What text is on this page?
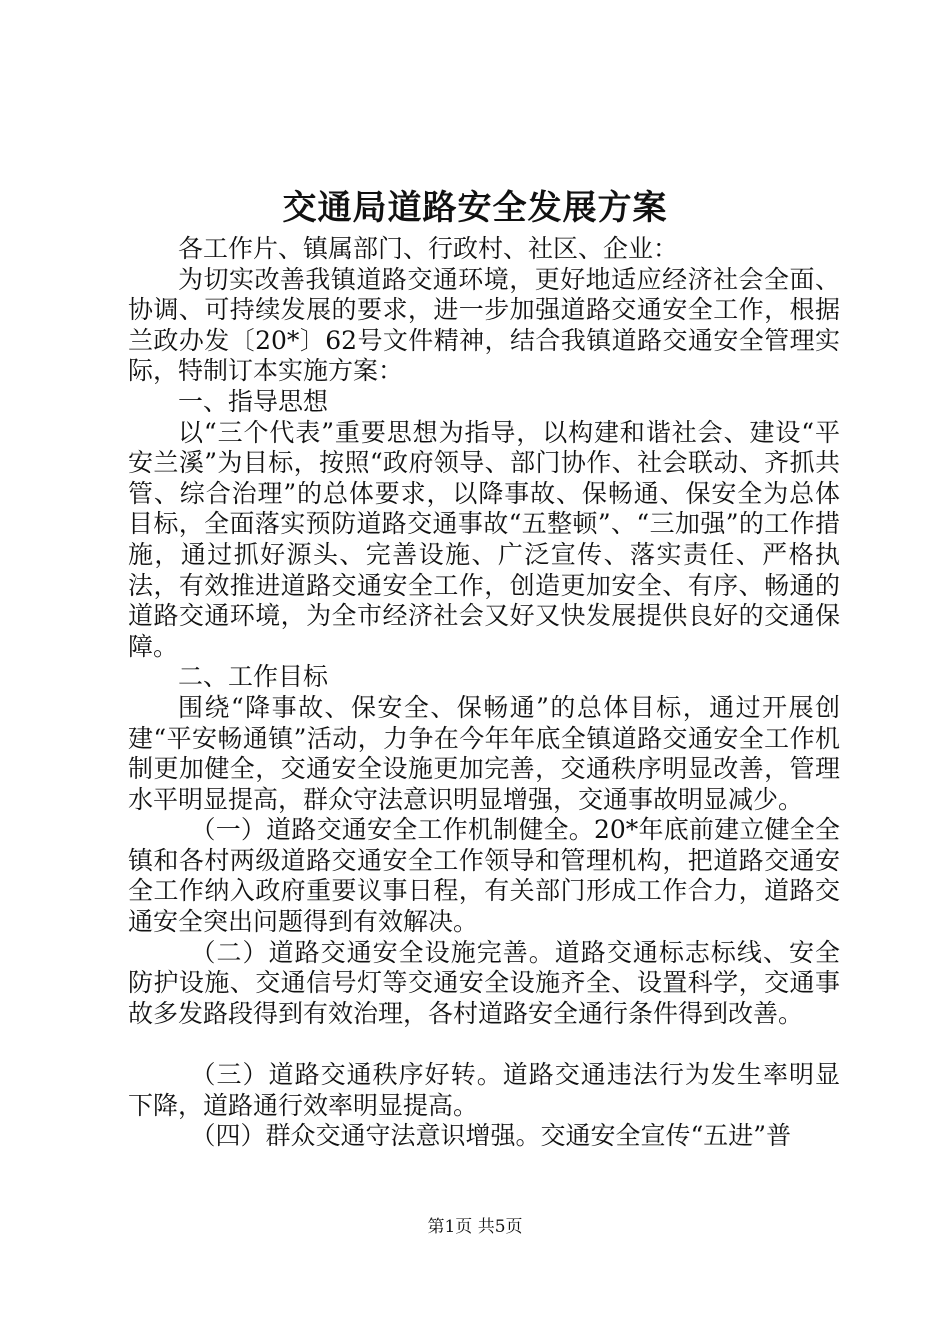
交通局道路安全发展方案

各工作片、镇属部门、行政村、社区、企业：

为切实改善我镇道路交通环境，更好地适应经济社会全面、协调、可持续发展的要求，进一步加强道路交通安全工作，根据兰政办发〔20*〕62号文件精神，结合我镇道路交通安全管理实际，特制订本实施方案：

一、指导思想

以“三个代表”重要思想为指导，以构建和谐社会、建设“平安兰溪”为目标，按照“政府领导、部门协作、社会联动、齐抓共管、综合治理”的总体要求，以降事故、保畅通、保安全为总体目标，全面落实预防道路交通事故“五整顿”、“三加强”的工作措施，通过抓好源头、完善设施、广泛宣传、落实责任、严格执法，有效推进道路交通安全工作，创造更加安全、有序、畅通的道路交通环境，为全市经济社会又好又快发展提供良好的交通保障。

二、工作目标

围绕“降事故、保安全、保畅通”的总体目标，通过开展创建“平安畅通镇”活动，力争在今年年底全镇道路交通安全工作机制更加健全，交通安全设施更加完善，交通秩序明显改善，管理水平明显提高，群众守法意识明显增强，交通事故明显减少。

（一）道路交通安全工作机制健全。20*年底前建立健全全镇和各村两级道路交通安全工作领导和管理机构，把道路交通安全工作纳入政府重要议事日程，有关部门形成工作合力，道路交通安全突出问题得到有效解决。

（二）道路交通安全设施完善。道路交通标志标线、安全防护设施、交通信号灯等交通安全设施齐全、设置科学，交通事故多发路段得到有效治理，各村道路安全通行条件得到改善。

（三）道路交通秩序好转。道路交通违法行为发生率明显下降，道路通行效率明显提高。

（四）群众交通守法意识增强。交通安全宣传“五进”普

第1页 共5页
